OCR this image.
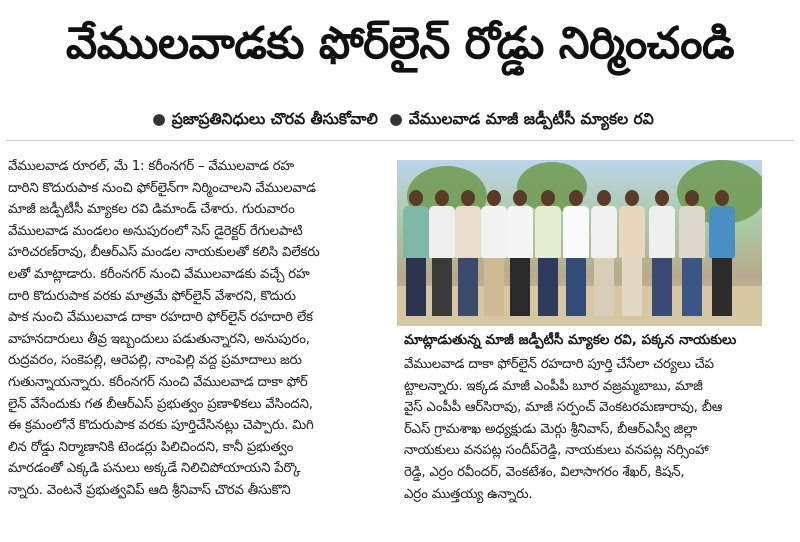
వేములవాడకు ఫోర్‌లైన్ రోడ్డు నిర్మించండి
● ప్రజాప్రతినిధులు చొరవ తీసుకోవాలి ● వేములవాడ మాజీ జడ్పీటీసీ మ్యాకల రవి
వేములవాడ రూరల్, మే 1: కరీంనగర్ – వేములవాడ రహ
దారిని కొదురుపాక నుంచి ఫోర్‌లైన్‌గా నిర్మించాలని వేములవాడ
మాజీ జడ్పీటీసీ మ్యాకల రవి డిమాండ్ చేశారు. గురువారం
వేములవాడ మండలం అనుపురంలో సెస్ డైరెక్టర్ రేగులపాటి
హరిచరణ్‌రావు, బీఆర్ఎస్ మండల నాయకులతో కలిసి విలేకరు
లతో మాట్లాడారు. కరీంనగర్ నుంచి వేములవాడకు వచ్చే రహ
దారి కొదురుపాక వరకు మాత్రమే ఫోర్‌లైన్ వేశారని, కొదురు
పాక నుంచి వేములవాడ దాకా రహదారి ఫోర్‌లైన్ రహదారి లేక
వాహనదారులు తీవ్ర ఇబ్బందులు పడుతున్నారని, అనుపురం,
రుద్రవరం, సంకెపల్లి, ఆరెపల్లి, నాంపెల్లి వద్ద ప్రమాదాలు జరు
గుతున్నాయన్నారు. కరీంనగర్ నుంచి వేములవాడ దాకా ఫోర్
లైన్ వేసేందుకు గత బీఆర్ఎస్ ప్రభుత్వం ప్రణాళికలు వేసిందని,
ఈ క్రమంలోనే కొదురుపాక వరకు పూర్తిచేసినట్లు చెప్పారు. మిగి
లిన రోడ్డు నిర్మాణానికి టెండర్లు పిలిచిందని, కానీ ప్రభుత్వం
మారడంతో ఎక్కడి పనులు అక్కడే నిలిచిపోయాయని పేర్కొ
న్నారు. వెంటనే ప్రభుత్వవిప్ ఆది శ్రీనివాస్ చొరవ తీసుకొని
మాట్లాడుతున్న మాజీ జడ్పీటీసీ మ్యాకల రవి, పక్కన నాయకులు
వేములవాడ దాకా ఫోర్‌లైన్ రహదారి పూర్తి చేసేలా చర్యలు చేప
ట్టాలన్నారు. ఇక్కడ మాజీ ఎంపీపీ బూర వజ్రమ్మబాబు, మాజీ
వైస్ ఎంపీపీ ఆర్‌సిరావు, మాజీ సర్పంచ్ వెంకటరమణారావు, బీఆ
ర్ఎస్ గ్రామశాఖ అధ్యక్షుడు మెర్గు శ్రీనివాస్, బీఆర్ఎస్వీ జిల్లా
నాయకులు వనపట్ల సందీప్‌రెడ్డి, నాయకులు వనపట్ల నర్సింహా
రెడ్డి, ఎర్రం రవీందర్, వెంకటేశం, విలాసాగరం శేఖర్, కిషన్,
ఎర్రం ముత్తయ్య ఉన్నారు.
